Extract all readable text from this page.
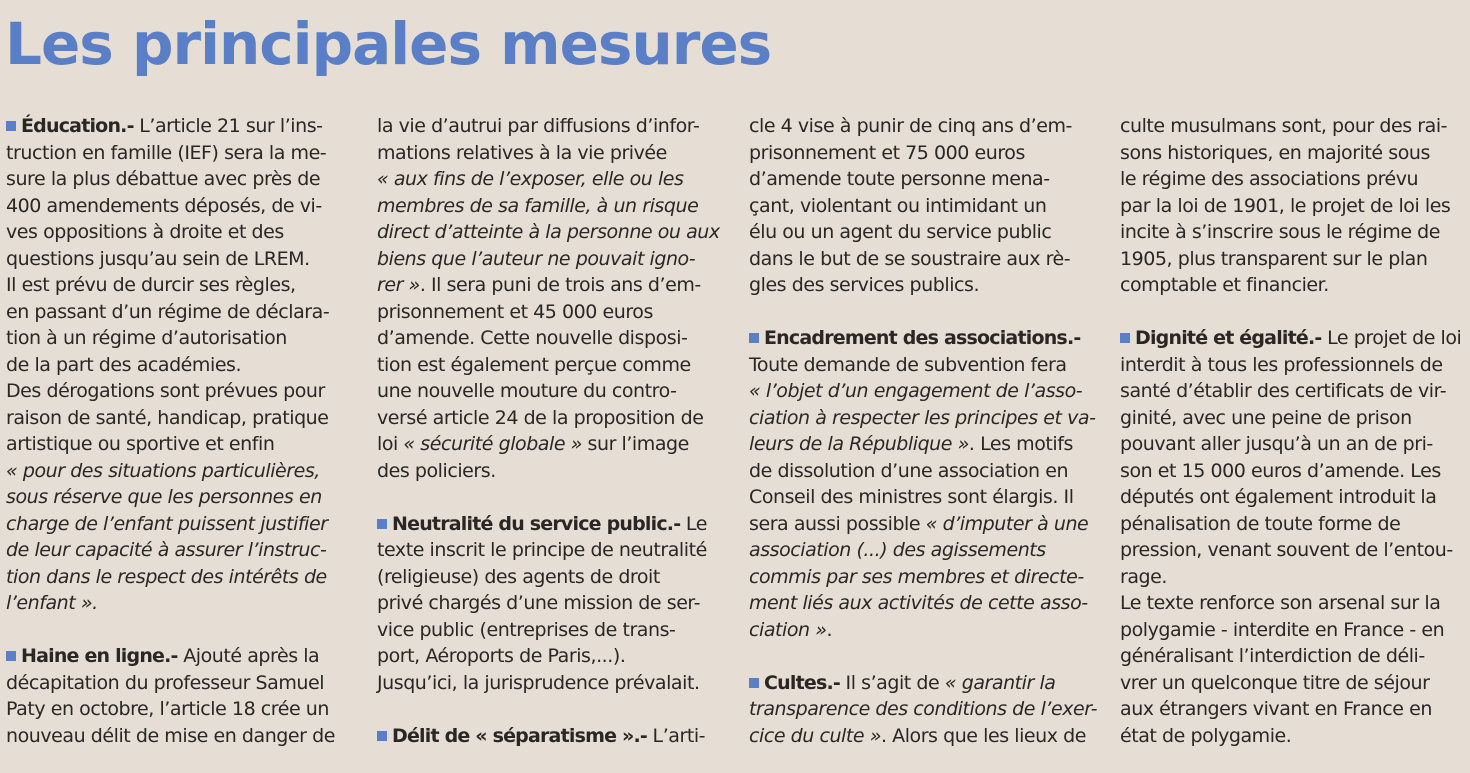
Les principales mesures

Éducation.- L’article 21 sur l’ins-
truction en famille (IEF) sera la me-
sure la plus débattue avec près de
400 amendements déposés, de vi-
ves oppositions à droite et des
questions jusqu’au sein de LREM.
Il est prévu de durcir ses règles,
en passant d’un régime de déclara-
tion à un régime d’autorisation
de la part des académies.
Des dérogations sont prévues pour
raison de santé, handicap, pratique
artistique ou sportive et enfin
« pour des situations particulières,
sous réserve que les personnes en
charge de l’enfant puissent justifier
de leur capacité à assurer l’instruc-
tion dans le respect des intérêts de
l’enfant ».

Haine en ligne.- Ajouté après la
décapitation du professeur Samuel
Paty en octobre, l’article 18 crée un
nouveau délit de mise en danger de

la vie d’autrui par diffusions d’infor-
mations relatives à la vie privée
« aux fins de l’exposer, elle ou les
membres de sa famille, à un risque
direct d’atteinte à la personne ou aux
biens que l’auteur ne pouvait igno-
rer ». Il sera puni de trois ans d’em-
prisonnement et 45 000 euros
d’amende. Cette nouvelle disposi-
tion est également perçue comme
une nouvelle mouture du contro-
versé article 24 de la proposition de
loi « sécurité globale » sur l’image
des policiers.

Neutralité du service public.- Le
texte inscrit le principe de neutralité
(religieuse) des agents de droit
privé chargés d’une mission de ser-
vice public (entreprises de trans-
port, Aéroports de Paris,...).
Jusqu’ici, la jurisprudence prévalait.

Délit de « séparatisme ».- L’arti-

cle 4 vise à punir de cinq ans d’em-
prisonnement et 75 000 euros
d’amende toute personne mena-
çant, violentant ou intimidant un
élu ou un agent du service public
dans le but de se soustraire aux rè-
gles des services publics.

Encadrement des associations.-
Toute demande de subvention fera
« l’objet d’un engagement de l’asso-
ciation à respecter les principes et va-
leurs de la République ». Les motifs
de dissolution d’une association en
Conseil des ministres sont élargis. Il
sera aussi possible « d’imputer à une
association (...) des agissements
commis par ses membres et directe-
ment liés aux activités de cette asso-
ciation ».

Cultes.- Il s’agit de « garantir la
transparence des conditions de l’exer-
cice du culte ». Alors que les lieux de

culte musulmans sont, pour des rai-
sons historiques, en majorité sous
le régime des associations prévu
par la loi de 1901, le projet de loi les
incite à s’inscrire sous le régime de
1905, plus transparent sur le plan
comptable et financier.

Dignité et égalité.- Le projet de loi
interdit à tous les professionnels de
santé d’établir des certificats de vir-
ginité, avec une peine de prison
pouvant aller jusqu’à un an de pri-
son et 15 000 euros d’amende. Les
députés ont également introduit la
pénalisation de toute forme de
pression, venant souvent de l’entou-
rage.
Le texte renforce son arsenal sur la
polygamie - interdite en France - en
généralisant l’interdiction de déli-
vrer un quelconque titre de séjour
aux étrangers vivant en France en
état de polygamie.
